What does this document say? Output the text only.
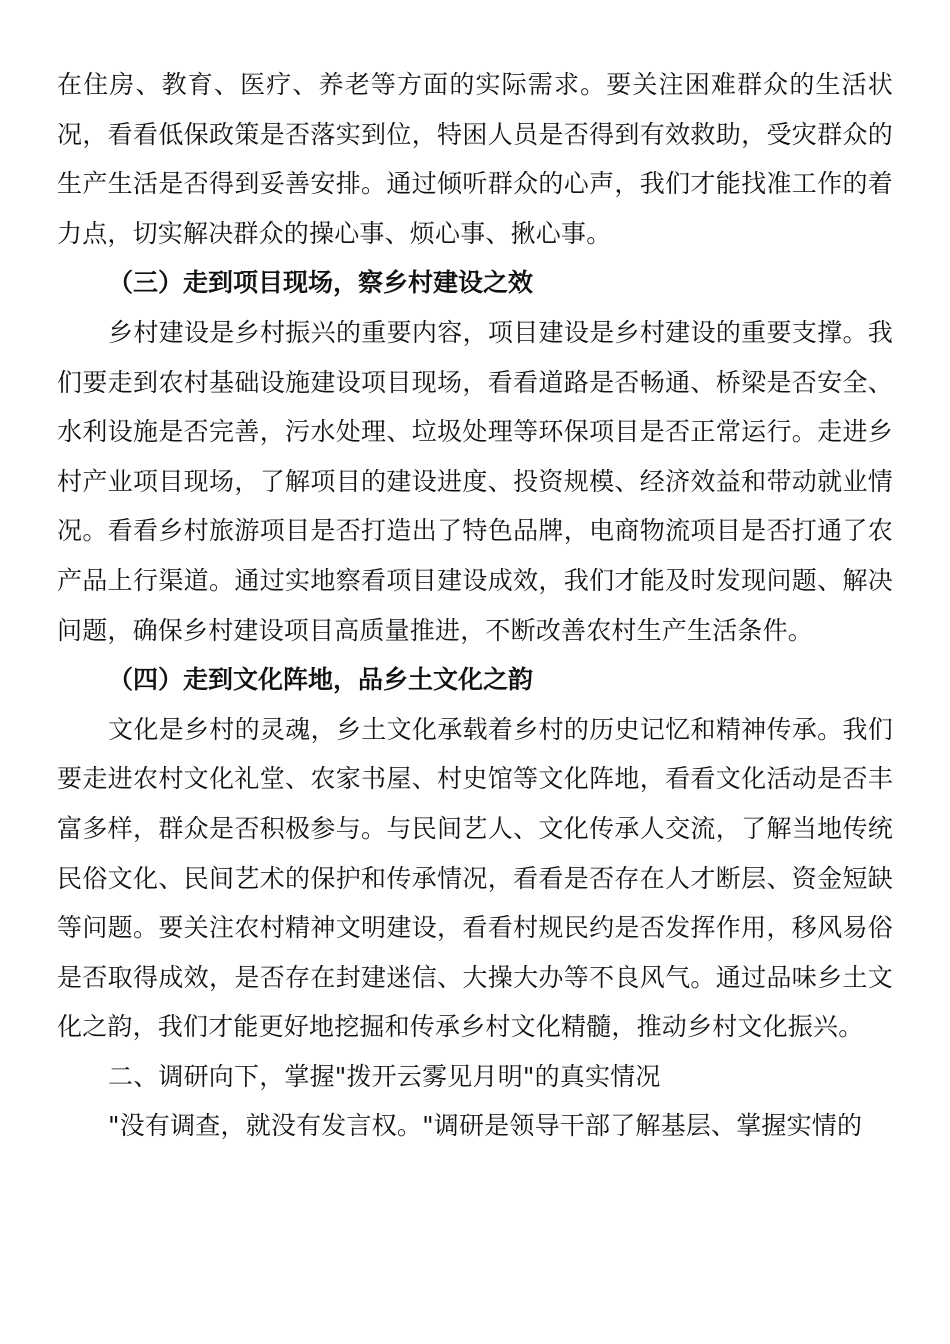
在住房、教育、医疗、养老等方面的实际需求。要关注困难群众的生活状况，看看低保政策是否落实到位，特困人员是否得到有效救助，受灾群众的生产生活是否得到妥善安排。通过倾听群众的心声，我们才能找准工作的着力点，切实解决群众的操心事、烦心事、揪心事。

（三）走到项目现场，察乡村建设之效

乡村建设是乡村振兴的重要内容，项目建设是乡村建设的重要支撑。我们要走到农村基础设施建设项目现场，看看道路是否畅通、桥梁是否安全、水利设施是否完善，污水处理、垃圾处理等环保项目是否正常运行。走进乡村产业项目现场，了解项目的建设进度、投资规模、经济效益和带动就业情况。看看乡村旅游项目是否打造出了特色品牌，电商物流项目是否打通了农产品上行渠道。通过实地察看项目建设成效，我们才能及时发现问题、解决问题，确保乡村建设项目高质量推进，不断改善农村生产生活条件。

（四）走到文化阵地，品乡土文化之韵

文化是乡村的灵魂，乡土文化承载着乡村的历史记忆和精神传承。我们要走进农村文化礼堂、农家书屋、村史馆等文化阵地，看看文化活动是否丰富多样，群众是否积极参与。与民间艺人、文化传承人交流，了解当地传统民俗文化、民间艺术的保护和传承情况，看看是否存在人才断层、资金短缺等问题。要关注农村精神文明建设，看看村规民约是否发挥作用，移风易俗是否取得成效，是否存在封建迷信、大操大办等不良风气。通过品味乡土文化之韵，我们才能更好地挖掘和传承乡村文化精髓，推动乡村文化振兴。

二、调研向下，掌握"拨开云雾见月明"的真实情况

"没有调查，就没有发言权。"调研是领导干部了解基层、掌握实情的
